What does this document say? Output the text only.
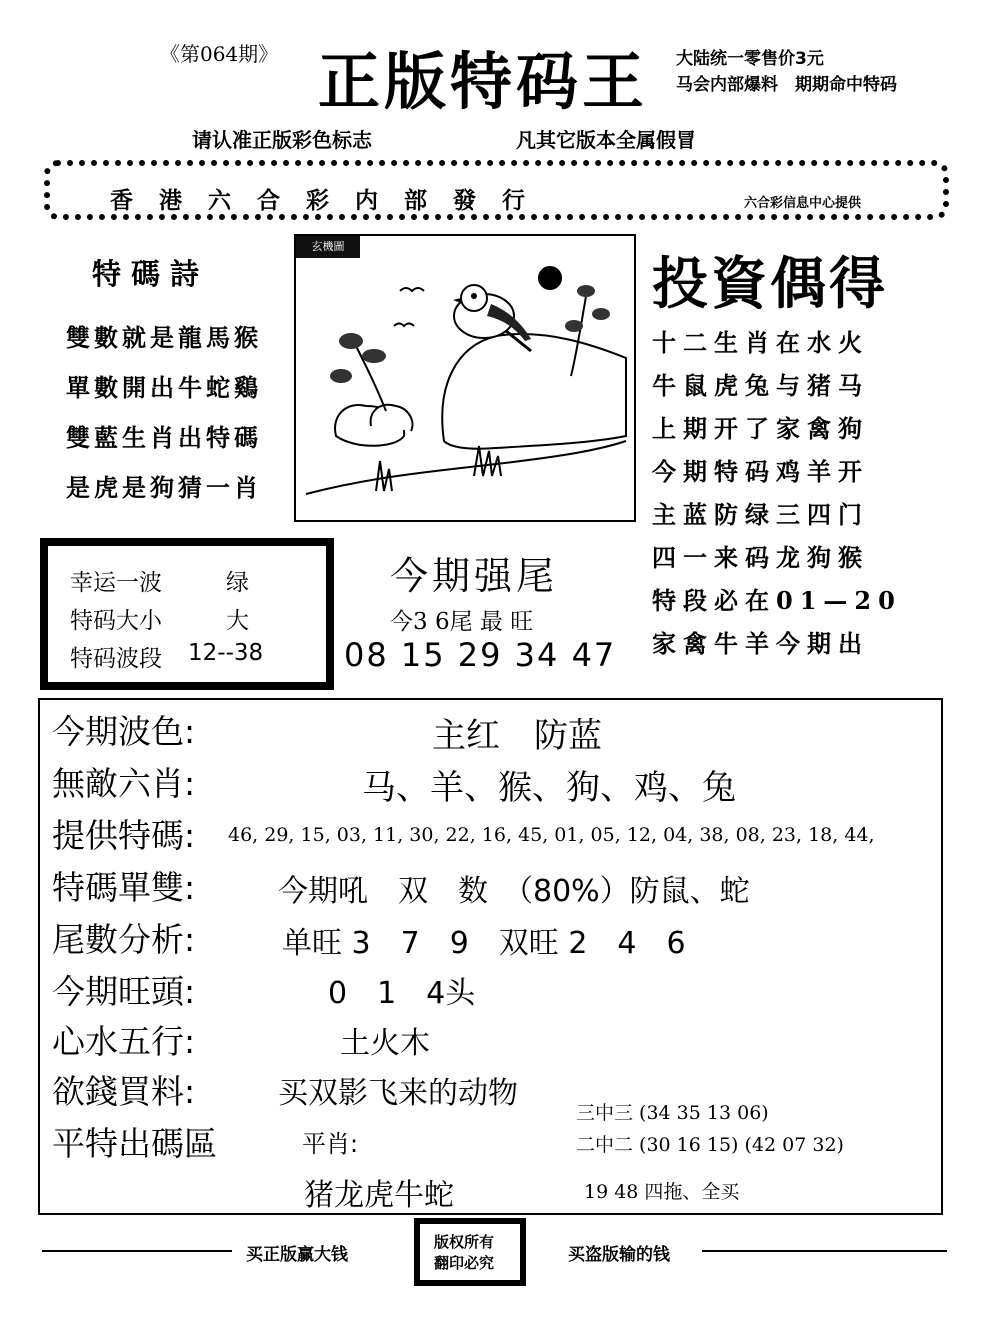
《第064期》 正版特码王 大陆统一零售价3元
马会内部爆料　期期命中特码
请认准正版彩色标志	凡其它版本全属假冒
香港六合彩内部發行	六合彩信息中心提供
特碼詩
雙數就是龍馬猴
單數開出牛蛇鷄
雙藍生肖出特碼
是虎是狗猜一肖
玄機圖
投資偶得
十二生肖在水火
牛鼠虎兔与猪马
上期开了家禽狗
今期特码鸡羊开
主蓝防绿三四门
四一来码龙狗猴
特段必在01—20
家禽牛羊今期出
幸运一波	绿
特码大小	大
特码波段 12--38
今期强尾
今3 6尾 最 旺
08 15 29 34 47
今期波色:	主红　防蓝
無敵六肖:	马、羊、猴、狗、鸡、兔
提供特碼: 46, 29, 15, 03, 11, 30, 22, 16, 45, 01, 05, 12, 04, 38, 08, 23, 18, 44,
特碼單雙:	今期吼　双　数　（80%）防鼠、蛇
尾數分析:	单旺 3　7　9　双旺 2　4　6
今期旺頭:	0　1　4头
心水五行:	土火木
欲錢買料:	买双影飞来的动物
平特出碼區	平肖:
猪龙虎牛蛇
三中三 (34 35 13 06)
二中二 (30 16 15) (42 07 32)
19 48 四拖、全买
买正版赢大钱
版权所有
翻印必究	买盗版输的钱
